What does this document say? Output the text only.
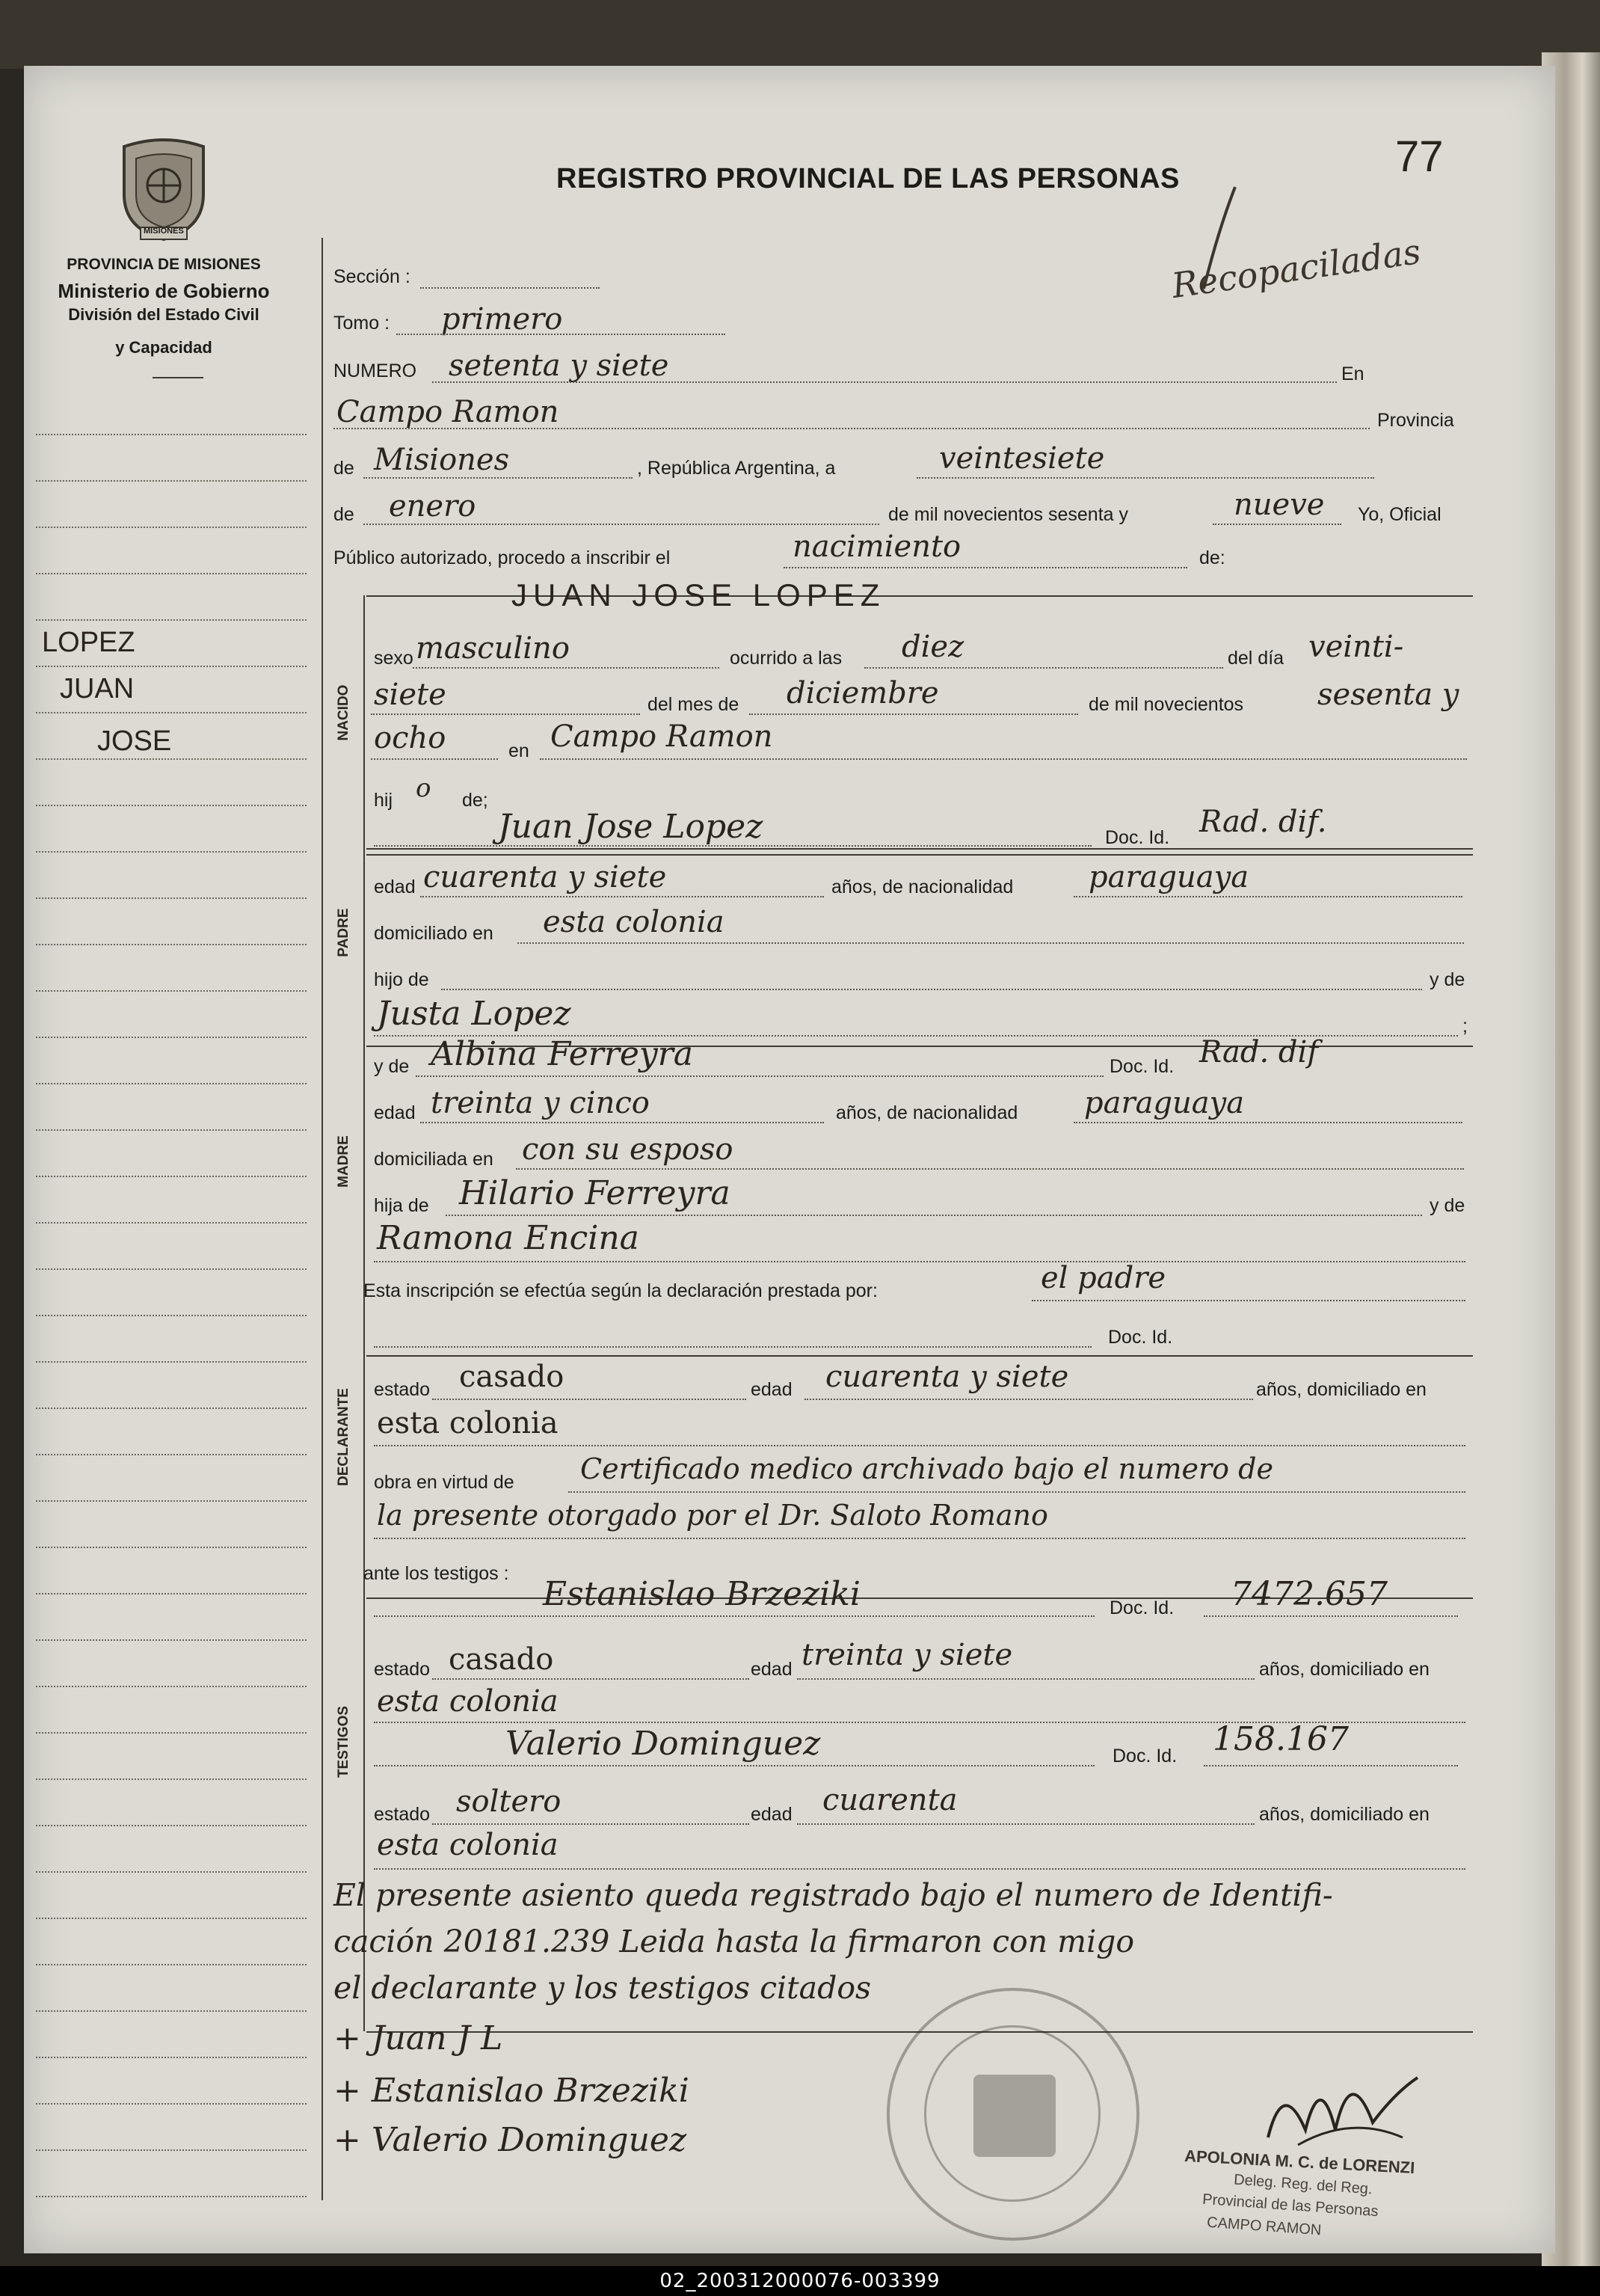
MISIONES
PROVINCIA DE MISIONES
Ministerio de Gobierno
División del Estado Civil
y Capacidad
REGISTRO PROVINCIAL DE LAS PERSONAS	77
Recopaciladas
LOPEZ
JUAN
JOSE
NACIDO
PADRE
MADRE
DECLARANTE
TESTIGOS
Sección :
Tomo : primero
NUMERO setenta y siete	En
Campo Ramon	Provincia
de Misiones	, República Argentina, a	veintesiete
de enero	de mil novecientos sesenta y	nueve Yo, Oficial
Público autorizado, procedo a inscribir el	nacimiento	de:
JUAN JOSE LOPEZ
sexo masculino	ocurrido a las diez	del día veinti-
siete	del mes de diciembre	de mil novecientos sesenta y
ocho	en Campo Ramon
hij o de;
Juan Jose Lopez	Doc. Id. Rad. dif.
edad cuarenta y siete	años, de nacionalidad	paraguaya
domiciliado en esta colonia
hijo de	y de
Justa Lopez	;
y de Albina Ferreyra	Doc. Id. Rad. dif
edad treinta y cinco	años, de nacionalidad paraguaya
domiciliada en con su esposo
hija de Hilario Ferreyra	y de
Ramona Encina
Esta inscripción se efectúa según la declaración prestada por:	el padre
Doc. Id.
estado casado	edad cuarenta y siete	años, domiciliado en
esta colonia
obra en virtud de Certificado medico archivado bajo el numero de
la presente otorgado por el Dr. Saloto Romano
ante los testigos :
Estanislao Brzeziki	Doc. Id. 7472.657
estado casado	edad treinta y siete	años, domiciliado en
esta colonia
Valerio Dominguez	Doc. Id. 158.167
estado soltero	edad cuarenta	años, domiciliado en
esta colonia
El presente asiento queda registrado bajo el numero de Identifi-
cación 20181.239 Leida hasta la firmaron con migo
el declarante y los testigos citados
+ Juan J L
+ Estanislao Brzeziki
+ Valerio Dominguez
APOLONIA M. C. de LORENZI
Deleg. Reg. del Reg.
Provincial de las Personas
CAMPO RAMON
02_200312000076-003399
